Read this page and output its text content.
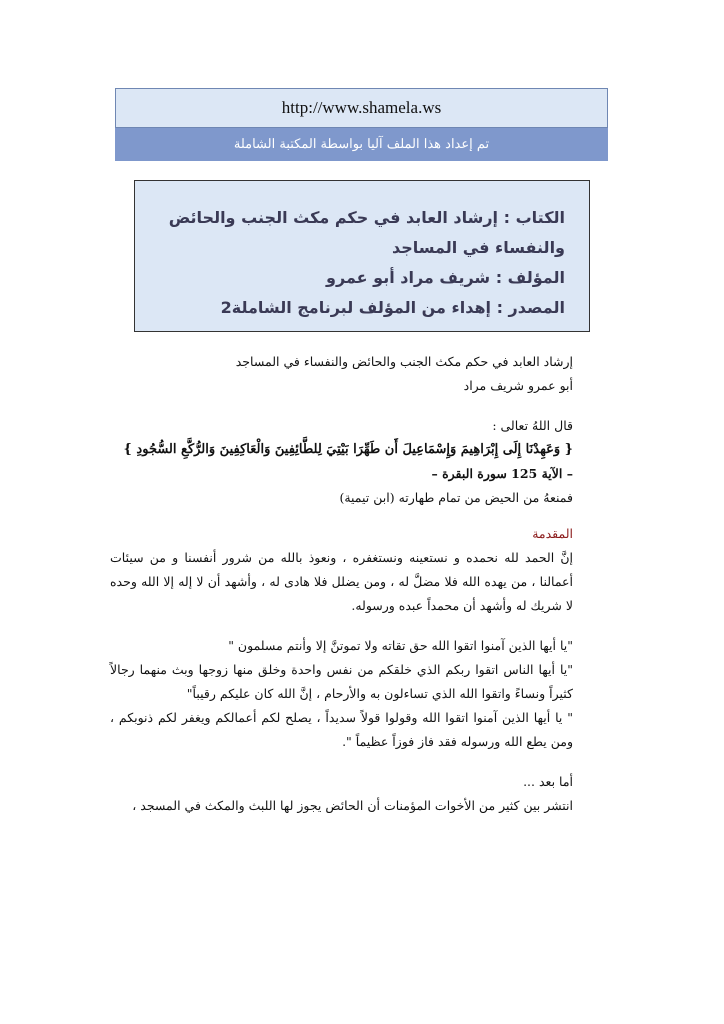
http://www.shamela.ws
تم إعداد هذا الملف آليا بواسطة المكتبة الشاملة
الكتاب : إرشاد العابد في حكم مكث الجنب والحائض والنفساء في المساجد
المؤلف : شريف مراد أبو عمرو
المصدر : إهداء من المؤلف لبرنامج الشاملة2

إرشاد العابد في حكم مكث الجنب والحائض والنفساء في المساجد

أبو عمرو شريف مراد

قال اللهُ تعالى :

{ وَعَهِدْنَا إِلَى إِبْرَاهِيمَ وَإِسْمَاعِيلَ أَن طَهِّرَا بَيْتِيَ لِلطَّائِفِينَ وَالْعَاكِفِينَ وَالرُّكَّعِ السُّجُودِ }

– الآية 125 سورة البقرة –

فمنعهُ من الحيض من تمام طهارته (ابن تيمية)

المقدمة

إنَّ الحمد لله نحمده و نستعينه ونستغفره ، ونعوذ بالله من شرور أنفسنا و من سيئات أعمالنا ، من يهده الله فلا مضلَّ له ، ومن يضلل فلا هادى له ، وأشهد أن لا إله إلا الله وحده لا شريك له وأشهد أن محمداً عبده ورسوله.

"يا أيها الذين آمنوا اتقوا الله حق تقاته ولا تموتنَّ إلا وأنتم مسلمون "

"يا أيها الناس اتقوا ربكم الذي خلقكم من نفس واحدة وخلق منها زوجها وبث منهما رجالاً كثيراً ونساءً واتقوا الله الذي تساءلون به والأرحام ، إنَّ الله كان عليكم رقيباً"

" يا أيها الذين آمنوا اتقوا الله وقولوا قولاً سديداً ، يصلح لكم أعمالكم ويغفر لكم ذنوبكم ، ومن يطع الله ورسوله فقد فاز فوزاً عظيماً ".

أما بعد ...

انتشر بين كثير من الأخوات المؤمنات أن الحائض يجوز لها اللبث والمكث في المسجد ،
